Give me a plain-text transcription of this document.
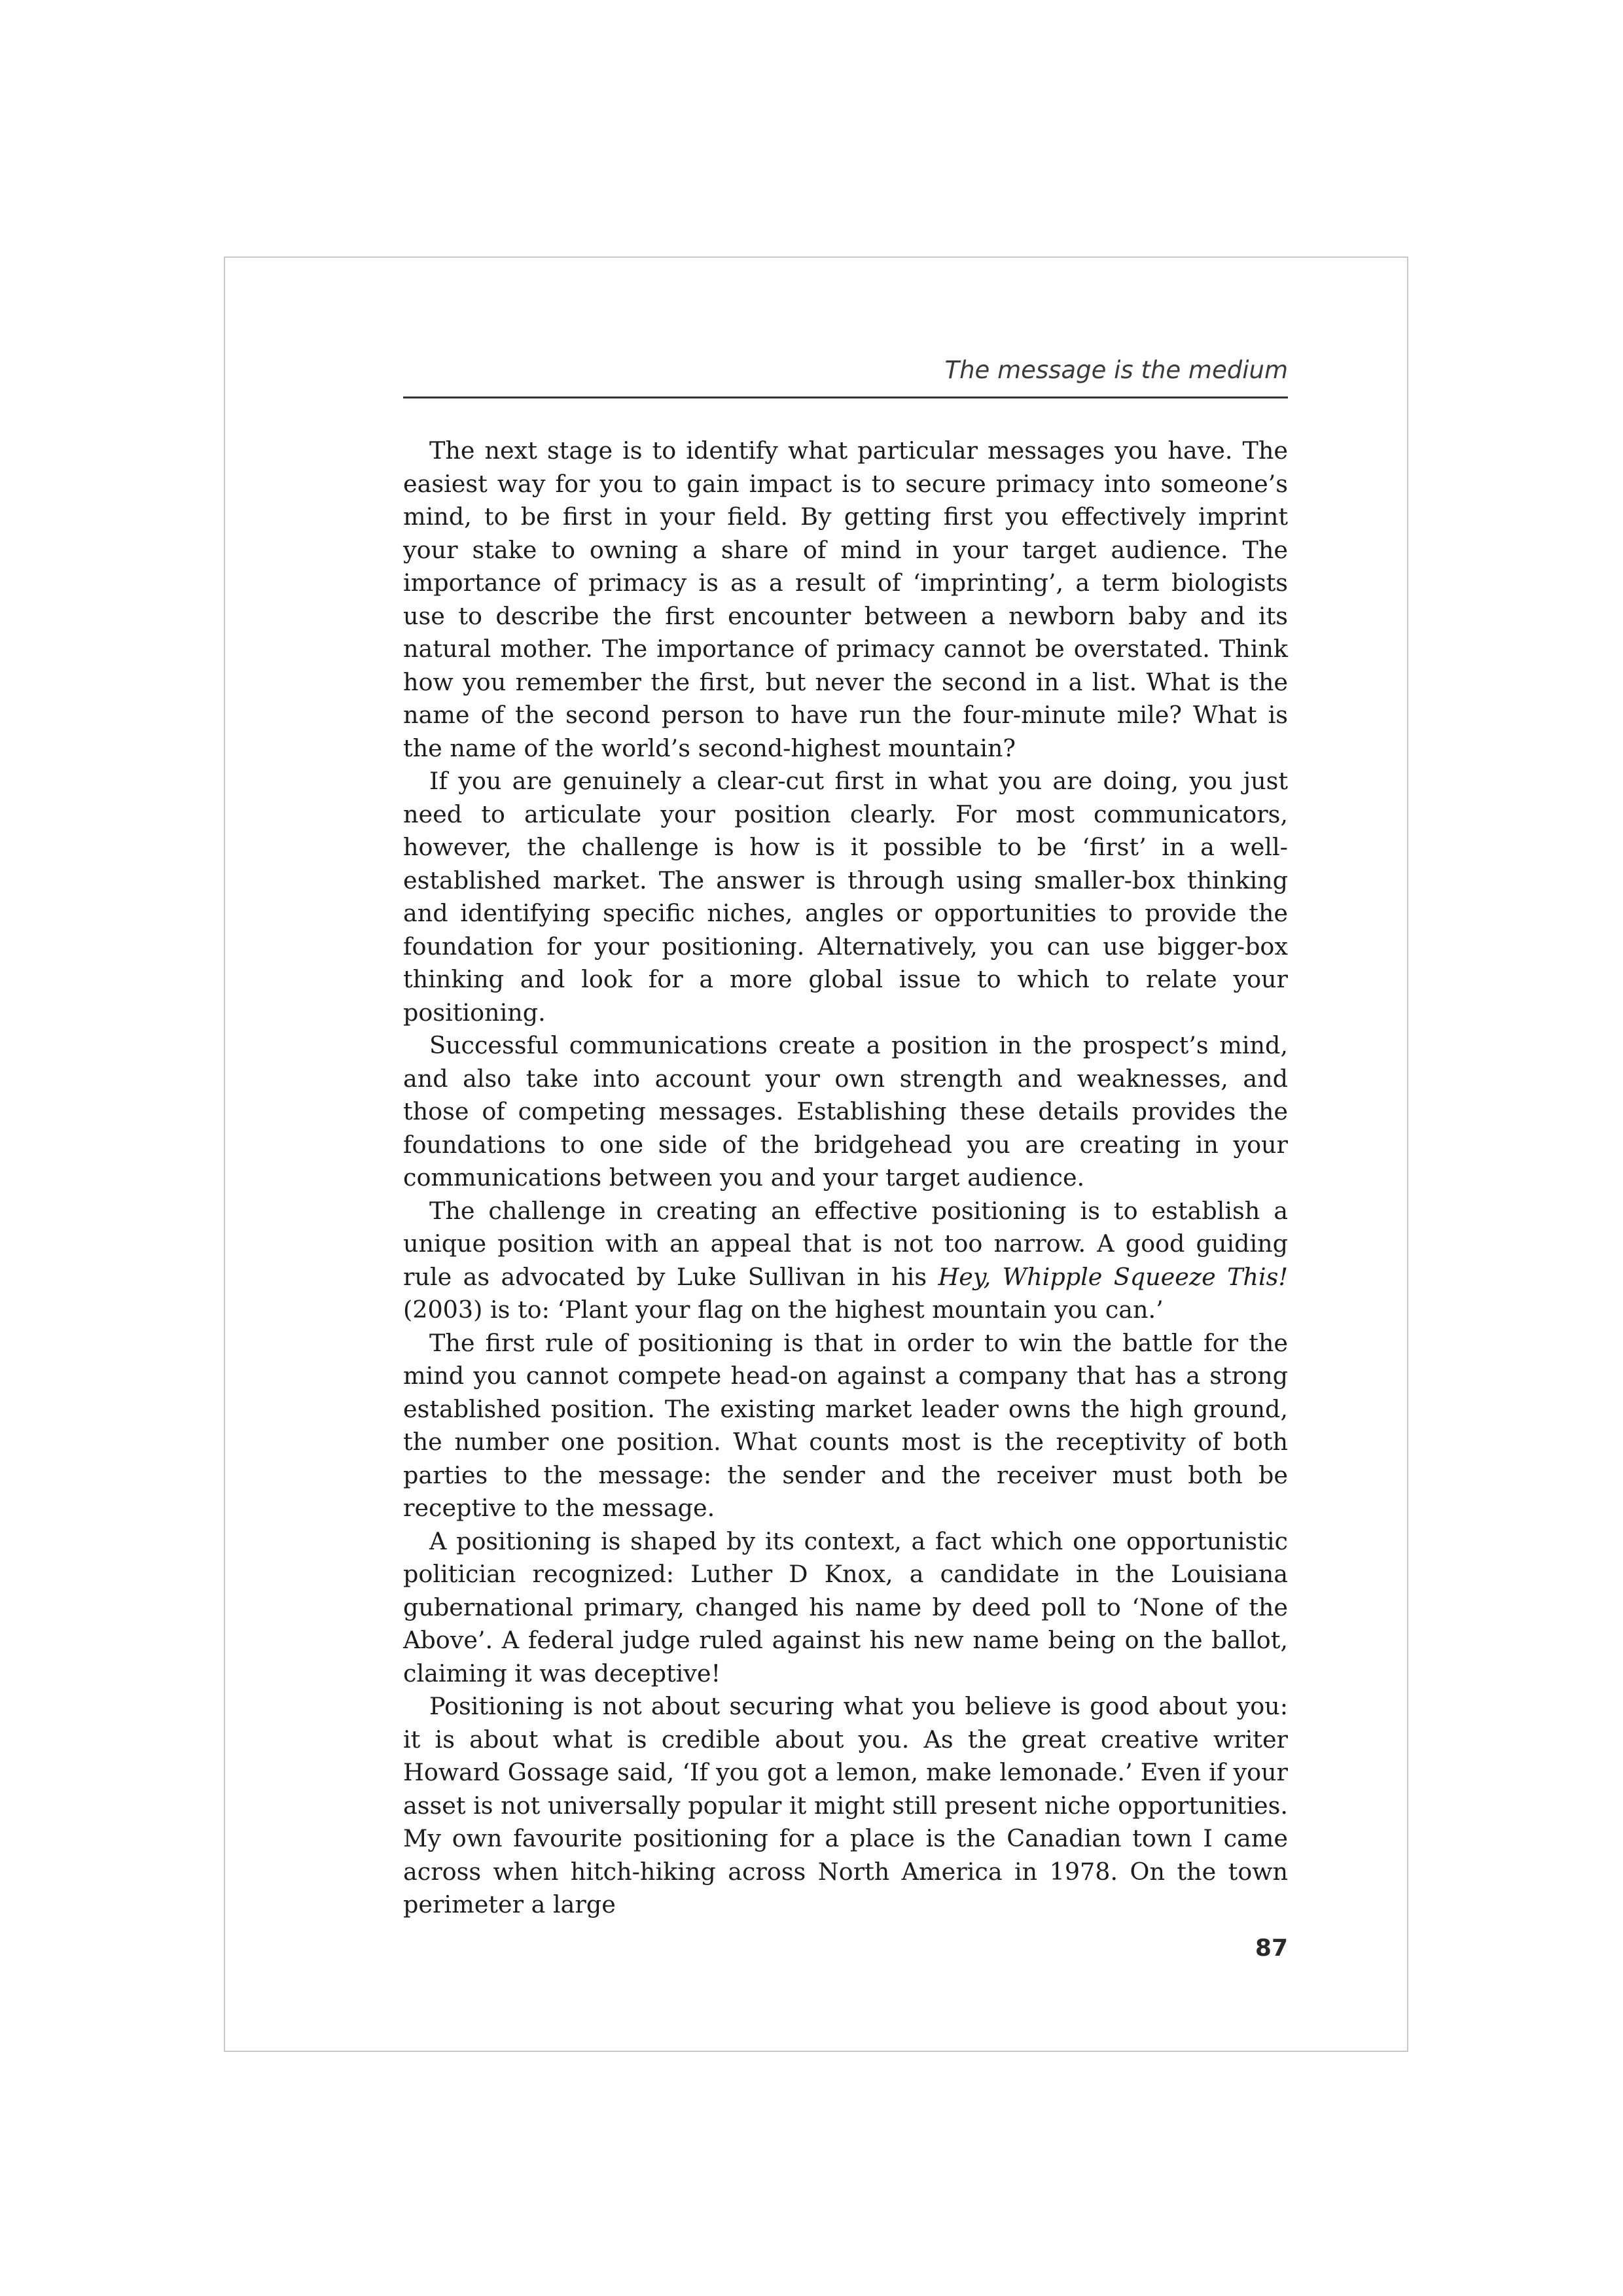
The message is the medium

The next stage is to identify what particular messages you have. The easiest way for you to gain impact is to secure primacy into someone’s mind, to be first in your field. By getting first you effectively imprint your stake to owning a share of mind in your target audience. The importance of primacy is as a result of ‘imprinting’, a term biologists use to describe the first encounter between a newborn baby and its natural mother. The importance of primacy cannot be overstated. Think how you remember the first, but never the second in a list. What is the name of the second person to have run the four-minute mile? What is the name of the world’s second-highest mountain?

If you are genuinely a clear-cut first in what you are doing, you just need to articulate your position clearly. For most communicators, however, the challenge is how is it possible to be ‘first’ in a well-established market. The answer is through using smaller-box thinking and identifying specific niches, angles or opportunities to provide the foundation for your positioning. Alternatively, you can use bigger-box thinking and look for a more global issue to which to relate your positioning.

Successful communications create a position in the prospect’s mind, and also take into account your own strength and weaknesses, and those of competing messages. Establishing these details provides the foundations to one side of the bridgehead you are creating in your communications between you and your target audience.

The challenge in creating an effective positioning is to establish a unique position with an appeal that is not too narrow. A good guiding rule as advocated by Luke Sullivan in his Hey, Whipple Squeeze This! (2003) is to: ‘Plant your flag on the highest mountain you can.’

The first rule of positioning is that in order to win the battle for the mind you cannot compete head-on against a company that has a strong established position. The existing market leader owns the high ground, the number one position. What counts most is the receptivity of both parties to the message: the sender and the receiver must both be receptive to the message.

A positioning is shaped by its context, a fact which one opportunistic politician recognized: Luther D Knox, a candidate in the Louisiana gubernational primary, changed his name by deed poll to ‘None of the Above’. A federal judge ruled against his new name being on the ballot, claiming it was deceptive!

Positioning is not about securing what you believe is good about you: it is about what is credible about you. As the great creative writer Howard Gossage said, ‘If you got a lemon, make lemonade.’ Even if your asset is not universally popular it might still present niche opportunities. My own favourite positioning for a place is the Canadian town I came across when hitch-hiking across North America in 1978. On the town perimeter a large

87
